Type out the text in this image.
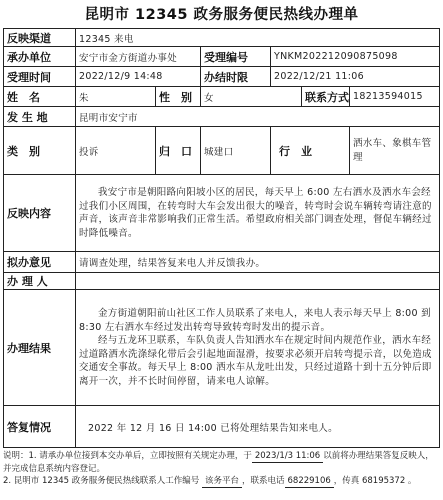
昆明市 12345 政务服务便民热线办理单
反映渠道	12345 来电					
承办单位	安宁市金方街道办事处		受理编号	YNKM202212090875098		
受理时间	2022/12/9 14:48		办结时限	2022/12/21 11:06		
姓　名	朱	性　别	女		联系方式	18213594015
发 生 地	昆明市安宁市					
类　别	投诉	归　口	城建口	行　业		洒水车、象棋车管理
反映内容	我安宁市是朝阳路向阳坡小区的居民，每天早上 6:00 左右洒水及洒水车会经过我们小区周围，在转弯时大车会发出很大的噪音，转弯时会说车辆转弯请注意的声音，该声音非常影响我们正常生活。希望政府相关部门调查处理，督促车辆经过时降低噪音。					

拟办意见	请调查处理，结果答复来电人并反馈我办。					
办 理 人						
办理结果	金方街道朝阳前山社区工作人员联系了来电人，来电人表示每天早上 8:00 到 8:30 左右洒水车经过发出转弯导致转弯时发出的提示音。

经与五龙环卫联系，车队负责人告知洒水车在规定时间内规范作业，洒水车经过道路洒水洗涤绿化带后会引起地面湿滑，按要求必须开启转弯提示音，以免造成交通安全事故。每天早上 8:00 洒水车从龙吐出发，只经过道路十到十五分钟后即离开一次，并不长时间停留，请来电人谅解。					

答复情况	2022 年 12 月 16 日 14:00 已将处理结果告知来电人。					
说明：1. 请承办单位接到本交办单后，立即按照有关规定办理，于 2023/1/3 11:06 以前将办理结果答复反映人，并完成信息系统内容登记。
2. 昆明市 12345 政务服务便民热线联系人工作编号 该务平台 ，联系电话 68229106 ，传真 68195372 。
